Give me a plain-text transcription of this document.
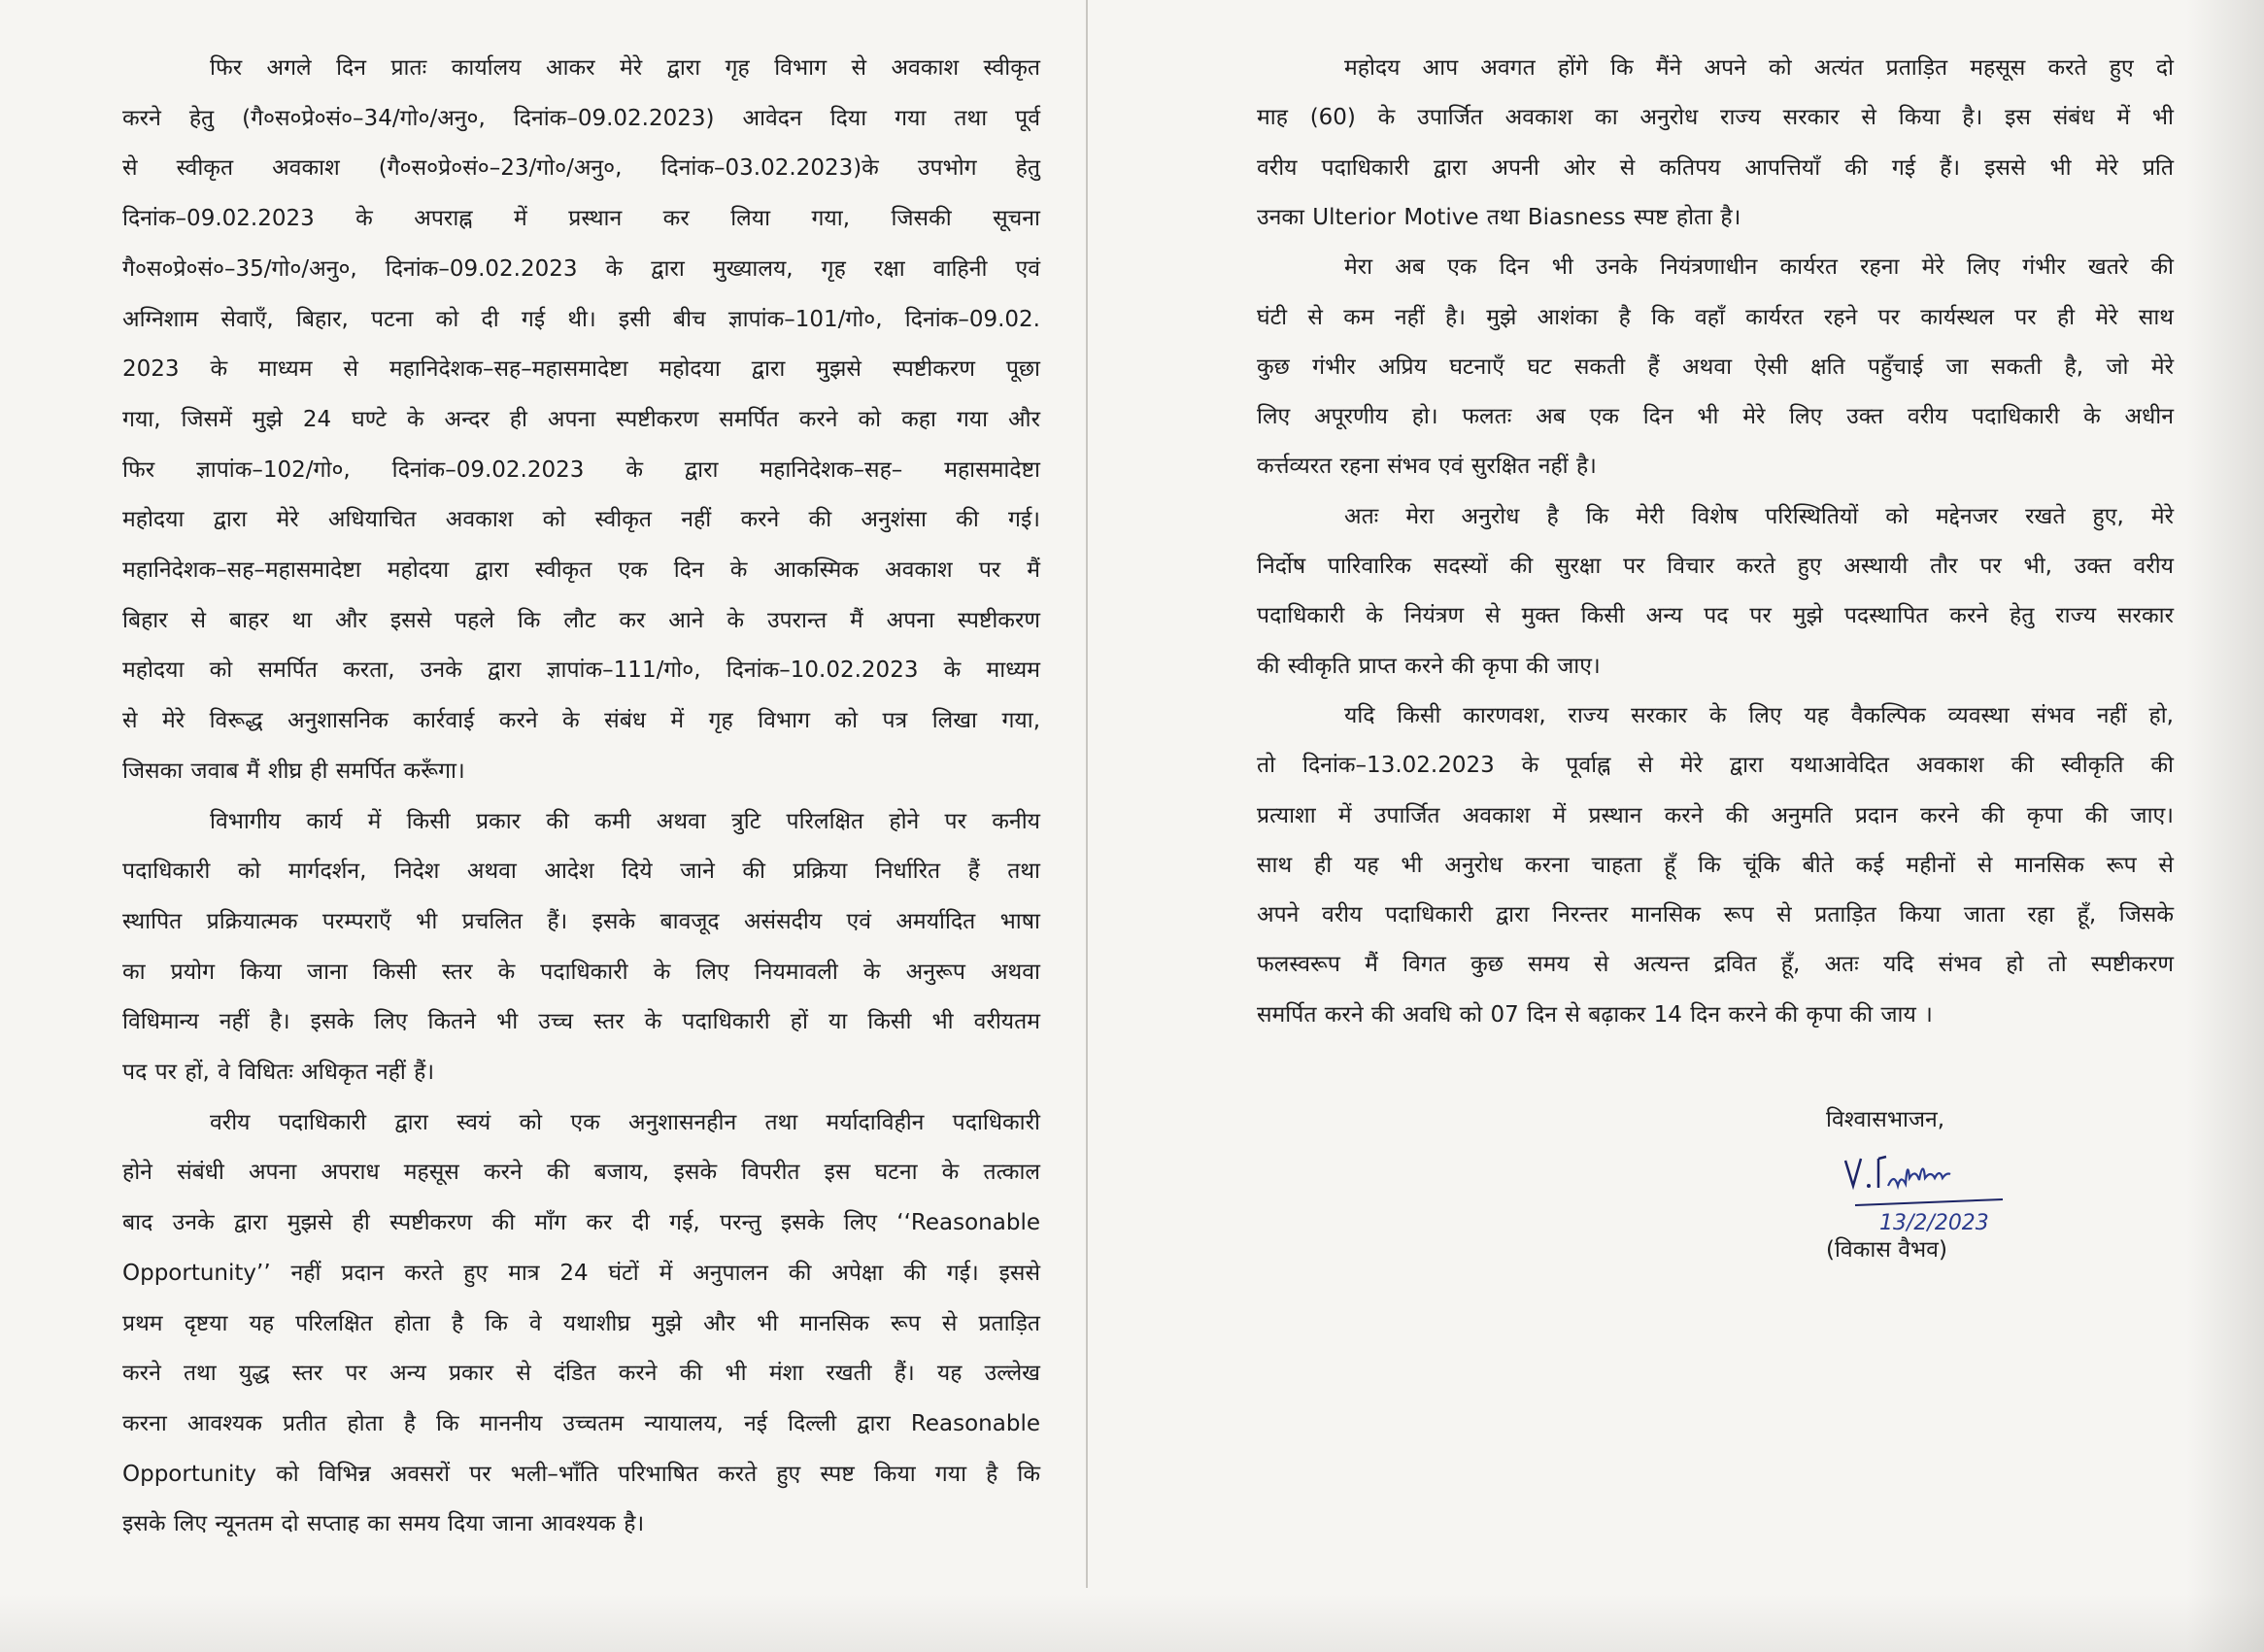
फिर अगले दिन प्रातः कार्यालय आकर मेरे द्वारा गृह विभाग से अवकाश स्वीकृत
करने हेतु (गै०स०प्रे०सं०–34/गो०/अनु०, दिनांक–09.02.2023) आवेदन दिया गया तथा पूर्व
से स्वीकृत अवकाश (गै०स०प्रे०सं०–23/गो०/अनु०, दिनांक–03.02.2023)के उपभोग हेतु
दिनांक–09.02.2023 के अपराह्न में प्रस्थान कर लिया गया, जिसकी सूचना
गै०स०प्रे०सं०–35/गो०/अनु०, दिनांक–09.02.2023 के द्वारा मुख्यालय, गृह रक्षा वाहिनी एवं
अग्निशाम सेवाएँ, बिहार, पटना को दी गई थी। इसी बीच ज्ञापांक–101/गो०, दिनांक–09.02.
2023 के माध्यम से महानिदेशक–सह–महासमादेष्टा महोदया द्वारा मुझसे स्पष्टीकरण पूछा
गया, जिसमें मुझे 24 घण्टे के अन्दर ही अपना स्पष्टीकरण समर्पित करने को कहा गया और
फिर ज्ञापांक–102/गो०, दिनांक–09.02.2023 के द्वारा महानिदेशक–सह– महासमादेष्टा
महोदया द्वारा मेरे अधियाचित अवकाश को स्वीकृत नहीं करने की अनुशंसा की गई।
महानिदेशक–सह–महासमादेष्टा महोदया द्वारा स्वीकृत एक दिन के आकस्मिक अवकाश पर मैं
बिहार से बाहर था और इससे पहले कि लौट कर आने के उपरान्त मैं अपना स्पष्टीकरण
महोदया को समर्पित करता, उनके द्वारा ज्ञापांक–111/गो०, दिनांक–10.02.2023 के माध्यम
से मेरे विरूद्ध अनुशासनिक कार्रवाई करने के संबंध में गृह विभाग को पत्र लिखा गया,
जिसका जवाब मैं शीघ्र ही समर्पित करूँगा।
विभागीय कार्य में किसी प्रकार की कमी अथवा त्रुटि परिलक्षित होने पर कनीय
पदाधिकारी को मार्गदर्शन, निदेश अथवा आदेश दिये जाने की प्रक्रिया निर्धारित हैं तथा
स्थापित प्रक्रियात्मक परम्पराएँ भी प्रचलित हैं। इसके बावजूद असंसदीय एवं अमर्यादित भाषा
का प्रयोग किया जाना किसी स्तर के पदाधिकारी के लिए नियमावली के अनुरूप अथवा
विधिमान्य नहीं है। इसके लिए कितने भी उच्च स्तर के पदाधिकारी हों या किसी भी वरीयतम
पद पर हों, वे विधितः अधिकृत नहीं हैं।
वरीय पदाधिकारी द्वारा स्वयं को एक अनुशासनहीन तथा मर्यादाविहीन पदाधिकारी
होने संबंधी अपना अपराध महसूस करने की बजाय, इसके विपरीत इस घटना के तत्काल
बाद उनके द्वारा मुझसे ही स्पष्टीकरण की माँग कर दी गई, परन्तु इसके लिए ‘‘Reasonable
Opportunity’’ नहीं प्रदान करते हुए मात्र 24 घंटों में अनुपालन की अपेक्षा की गई। इससे
प्रथम दृष्टया यह परिलक्षित होता है कि वे यथाशीघ्र मुझे और भी मानसिक रूप से प्रताड़ित
करने तथा युद्ध स्तर पर अन्य प्रकार से दंडित करने की भी मंशा रखती हैं। यह उल्लेख
करना आवश्यक प्रतीत होता है कि माननीय उच्चतम न्यायालय, नई दिल्ली द्वारा Reasonable
Opportunity को विभिन्न अवसरों पर भली–भाँति परिभाषित करते हुए स्पष्ट किया गया है कि
इसके लिए न्यूनतम दो सप्ताह का समय दिया जाना आवश्यक है।
महोदय आप अवगत होंगे कि मैंने अपने को अत्यंत प्रताड़ित महसूस करते हुए दो
माह (60) के उपार्जित अवकाश का अनुरोध राज्य सरकार से किया है। इस संबंध में भी
वरीय पदाधिकारी द्वारा अपनी ओर से कतिपय आपत्तियाँ की गई हैं। इससे भी मेरे प्रति
उनका Ulterior Motive तथा Biasness स्पष्ट होता है।
मेरा अब एक दिन भी उनके नियंत्रणाधीन कार्यरत रहना मेरे लिए गंभीर खतरे की
घंटी से कम नहीं है। मुझे आशंका है कि वहाँ कार्यरत रहने पर कार्यस्थल पर ही मेरे साथ
कुछ गंभीर अप्रिय घटनाएँ घट सकती हैं अथवा ऐसी क्षति पहुँचाई जा सकती है, जो मेरे
लिए अपूरणीय हो। फलतः अब एक दिन भी मेरे लिए उक्त वरीय पदाधिकारी के अधीन
कर्त्तव्यरत रहना संभव एवं सुरक्षित नहीं है।
अतः मेरा अनुरोध है कि मेरी विशेष परिस्थितियों को मद्देनजर रखते हुए, मेरे
निर्दोष पारिवारिक सदस्यों की सुरक्षा पर विचार करते हुए अस्थायी तौर पर भी, उक्त वरीय
पदाधिकारी के नियंत्रण से मुक्त किसी अन्य पद पर मुझे पदस्थापित करने हेतु राज्य सरकार
की स्वीकृति प्राप्त करने की कृपा की जाए।
यदि किसी कारणवश, राज्य सरकार के लिए यह वैकल्पिक व्यवस्था संभव नहीं हो,
तो दिनांक–13.02.2023 के पूर्वाह्न से मेरे द्वारा यथाआवेदित अवकाश की स्वीकृति की
प्रत्याशा में उपार्जित अवकाश में प्रस्थान करने की अनुमति प्रदान करने की कृपा की जाए।
साथ ही यह भी अनुरोध करना चाहता हूँ कि चूंकि बीते कई महीनों से मानसिक रूप से
अपने वरीय पदाधिकारी द्वारा निरन्तर मानसिक रूप से प्रताड़ित किया जाता रहा हूँ, जिसके
फलस्वरूप मैं विगत कुछ समय से अत्यन्त द्रवित हूँ, अतः यदि संभव हो तो स्पष्टीकरण
समर्पित करने की अवधि को 07 दिन से बढ़ाकर 14 दिन करने की कृपा की जाय ।
विश्वासभाजन,
13/2/2023
(विकास वैभव)
